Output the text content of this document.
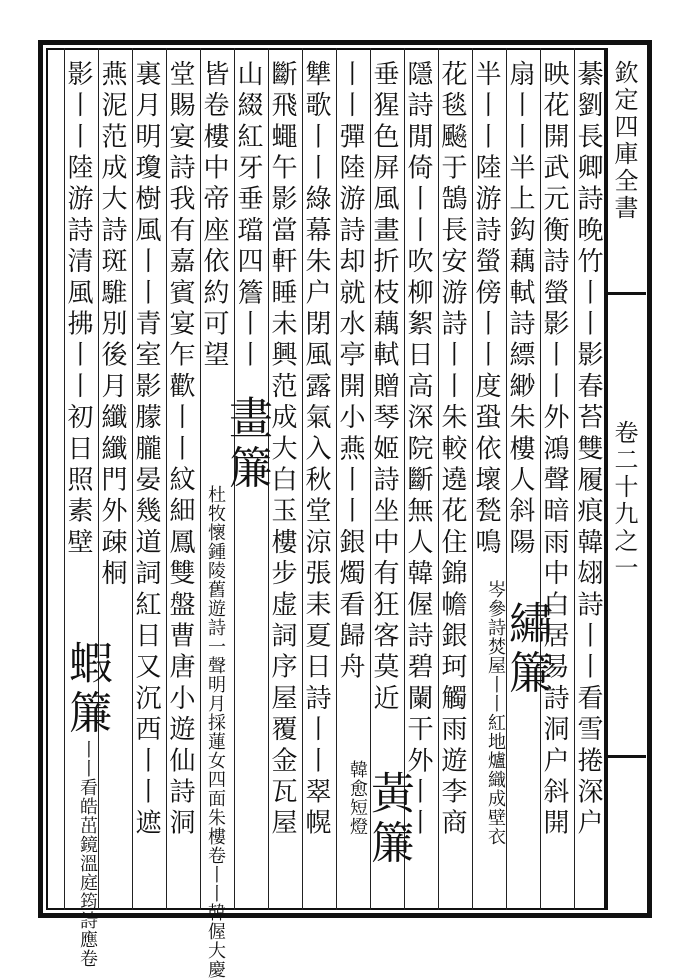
欽定四庫全書
卷二十九之一
綦劉長卿詩晚竹丨丨影春苔雙履痕韓翃詩丨丨看雪捲深户
映花開武元衡詩螢影丨丨外鴻聲暗雨中白居易詩洞户斜開
扇丨丨半上鈎藕軾詩縹緲朱樓人斜陽
半丨丨陸游詩螢傍丨丨度蛩依壞甃鳴
繡簾
岑參詩焚屋丨丨紅地爐織成壁衣
花毯飈于鵠長安游詩丨丨朱較遶花住錦幨銀珂觸雨遊李商
隱詩閒倚丨丨吹柳絮日高深院斷無人韓偓詩碧闌干外丨丨
垂猩色屏風畫折枝藕軾贈琴姬詩坐中有狂客莫近
丨丨彈陸游詩却就水亭開小燕丨丨銀燭看歸舟
黃簾
韓愈短燈
犨歌丨丨綠幕朱户閉風露氣入秋堂涼張耒夏日詩丨丨翠幌
斷飛蠅午影當軒睡未興范成大白玉樓步虚詞序屋覆金瓦屋
山綴紅牙垂璫四簷丨丨
皆卷樓中帝座依約可望
畫簾
杜牧懷鍾陵舊遊詩一聲明月採蓮女四面朱樓卷丨丨韓偓大慶
堂賜宴詩我有嘉賓宴乍歡丨丨紋細鳳雙盤曹唐小遊仙詩洞
裏月明瓊樹風丨丨青室影朦朧晏幾道詞紅日又沉西丨丨遮
燕泥范成大詩斑騅別後月纖纖門外疎桐
影丨丨陸游詩清風拂丨丨初日照素壁
蝦簾
丨丨看皓茁鏡溫庭筠詩應卷
